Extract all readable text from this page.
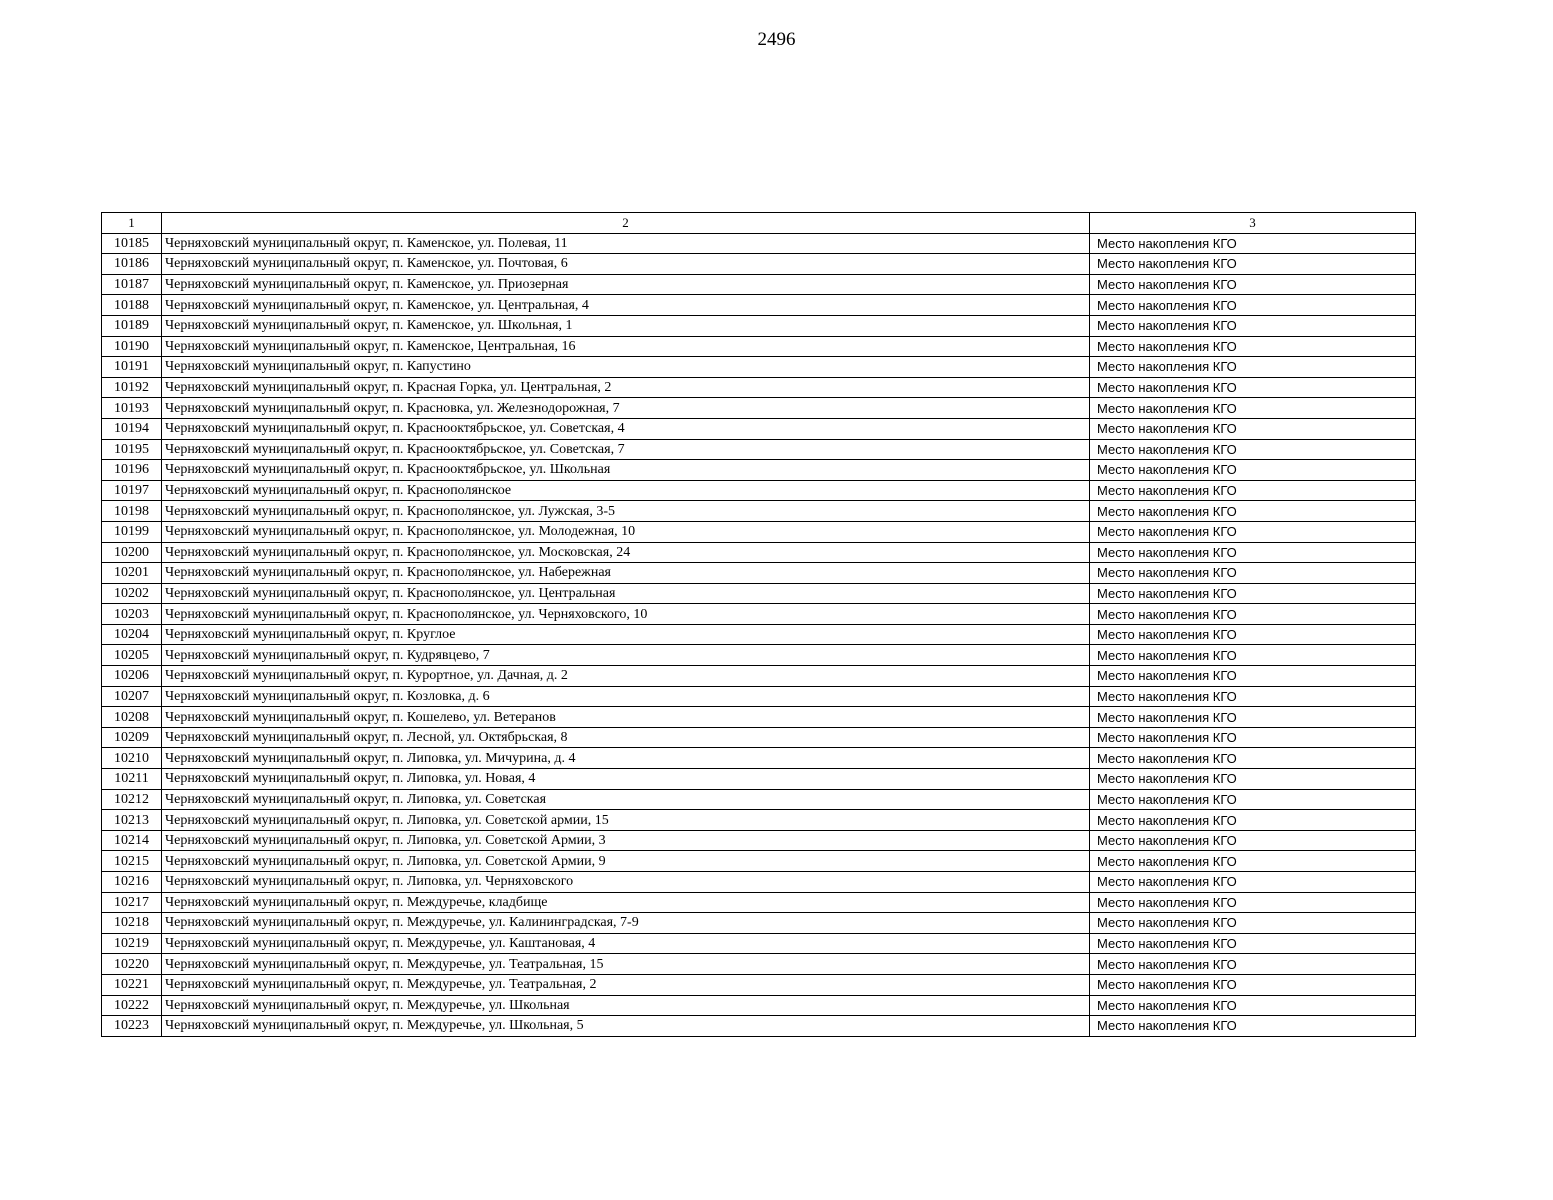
2496
1	2	3
10185	Черняховский муниципальный округ, п. Каменское, ул. Полевая, 11	Место накопления КГО
10186	Черняховский муниципальный округ, п. Каменское, ул. Почтовая, 6	Место накопления КГО
10187	Черняховский муниципальный округ, п. Каменское, ул. Приозерная	Место накопления КГО
10188	Черняховский муниципальный округ, п. Каменское, ул. Центральная, 4	Место накопления КГО
10189	Черняховский муниципальный округ, п. Каменское, ул. Школьная, 1	Место накопления КГО
10190	Черняховский муниципальный округ, п. Каменское, Центральная, 16	Место накопления КГО
10191	Черняховский муниципальный округ, п. Капустино	Место накопления КГО
10192	Черняховский муниципальный округ, п. Красная Горка, ул. Центральная, 2	Место накопления КГО
10193	Черняховский муниципальный округ, п. Красновка, ул. Железнодорожная, 7	Место накопления КГО
10194	Черняховский муниципальный округ, п. Краснооктябрьское, ул. Советская, 4	Место накопления КГО
10195	Черняховский муниципальный округ, п. Краснооктябрьское, ул. Советская, 7	Место накопления КГО
10196	Черняховский муниципальный округ, п. Краснооктябрьское, ул. Школьная	Место накопления КГО
10197	Черняховский муниципальный округ, п. Краснополянское	Место накопления КГО
10198	Черняховский муниципальный округ, п. Краснополянское, ул. Лужская, 3-5	Место накопления КГО
10199	Черняховский муниципальный округ, п. Краснополянское, ул. Молодежная, 10	Место накопления КГО
10200	Черняховский муниципальный округ, п. Краснополянское, ул. Московская, 24	Место накопления КГО
10201	Черняховский муниципальный округ, п. Краснополянское, ул. Набережная	Место накопления КГО
10202	Черняховский муниципальный округ, п. Краснополянское, ул. Центральная	Место накопления КГО
10203	Черняховский муниципальный округ, п. Краснополянское, ул. Черняховского, 10	Место накопления КГО
10204	Черняховский муниципальный округ, п. Круглое	Место накопления КГО
10205	Черняховский муниципальный округ, п. Кудрявцево, 7	Место накопления КГО
10206	Черняховский муниципальный округ, п. Курортное, ул. Дачная, д. 2	Место накопления КГО
10207	Черняховский муниципальный округ, п. Козловка, д. 6	Место накопления КГО
10208	Черняховский муниципальный округ, п. Кошелево, ул. Ветеранов	Место накопления КГО
10209	Черняховский муниципальный округ, п. Лесной, ул. Октябрьская, 8	Место накопления КГО
10210	Черняховский муниципальный округ, п. Липовка, ул. Мичурина, д. 4	Место накопления КГО
10211	Черняховский муниципальный округ, п. Липовка, ул. Новая, 4	Место накопления КГО
10212	Черняховский муниципальный округ, п. Липовка, ул. Советская	Место накопления КГО
10213	Черняховский муниципальный округ, п. Липовка, ул. Советской армии, 15	Место накопления КГО
10214	Черняховский муниципальный округ, п. Липовка, ул. Советской Армии, 3	Место накопления КГО
10215	Черняховский муниципальный округ, п. Липовка, ул. Советской Армии, 9	Место накопления КГО
10216	Черняховский муниципальный округ, п. Липовка, ул. Черняховского	Место накопления КГО
10217	Черняховский муниципальный округ, п. Междуречье, кладбище	Место накопления КГО
10218	Черняховский муниципальный округ, п. Междуречье, ул. Калининградская, 7-9	Место накопления КГО
10219	Черняховский муниципальный округ, п. Междуречье, ул. Каштановая, 4	Место накопления КГО
10220	Черняховский муниципальный округ, п. Междуречье, ул. Театральная, 15	Место накопления КГО
10221	Черняховский муниципальный округ, п. Междуречье, ул. Театральная, 2	Место накопления КГО
10222	Черняховский муниципальный округ, п. Междуречье, ул. Школьная	Место накопления КГО
10223	Черняховский муниципальный округ, п. Междуречье, ул. Школьная, 5	Место накопления КГО
